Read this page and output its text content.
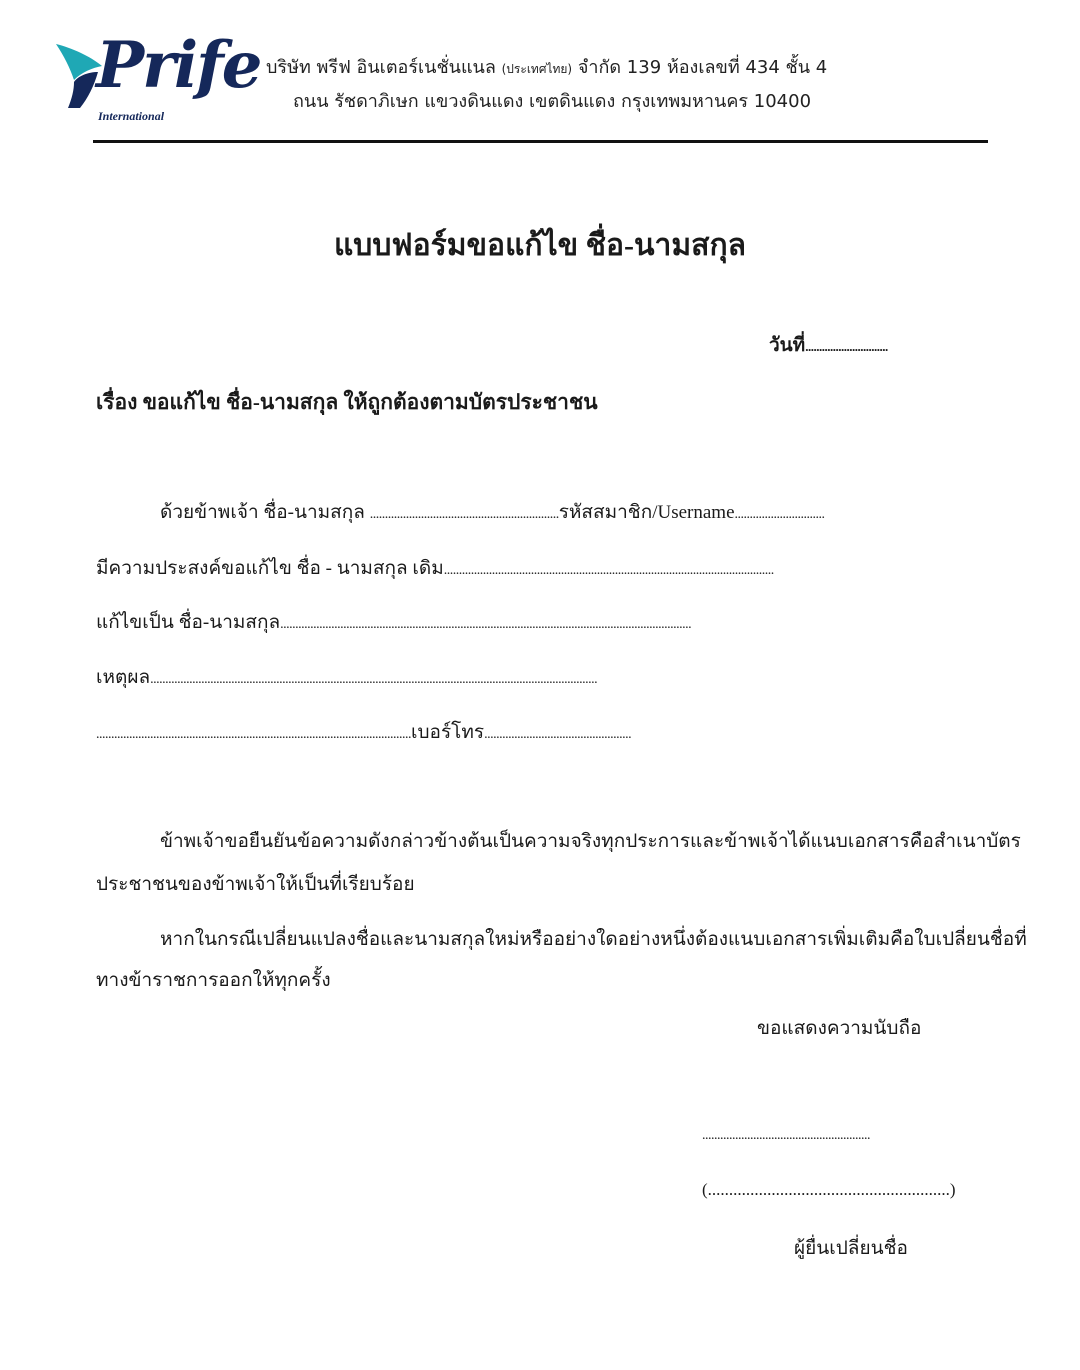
Prife
International
บริษัท พรีฟ อินเตอร์เนชั่นแนล (ประเทศไทย) จำกัด 139 ห้องเลขที่ 434 ชั้น 4
ถนน รัชดาภิเษก แขวงดินแดง เขตดินแดง กรุงเทพมหานคร 10400
แบบฟอร์มขอแก้ไข ชื่อ-นามสกุล
วันที่..............................
เรื่อง ขอแก้ไข ชื่อ-นามสกุล ให้ถูกต้องตามบัตรประชาชน
ด้วยข้าพเจ้า ชื่อ-นามสกุล ...............................................................รหัสสมาชิก/Username..............................
มีความประสงค์ขอแก้ไข ชื่อ - นามสกุล เดิม..............................................................................................................
แก้ไขเป็น ชื่อ-นามสกุล.........................................................................................................................................
เหตุผล.....................................................................................................................................................
.........................................................................................................เบอร์โทร.................................................
ข้าพเจ้าขอยืนยันข้อความดังกล่าวข้างต้นเป็นความจริงทุกประการและข้าพเจ้าได้แนบเอกสารคือสำเนาบัตร
ประชาชนของข้าพเจ้าให้เป็นที่เรียบร้อย
หากในกรณีเปลี่ยนแปลงชื่อและนามสกุลใหม่หรืออย่างใดอย่างหนึ่งต้องแนบเอกสารเพิ่มเติมคือใบเปลี่ยนชื่อที่
ทางข้าราชการออกให้ทุกครั้ง
ขอแสดงความนับถือ
........................................................
(.........................................................)
ผู้ยื่นเปลี่ยนชื่อ
